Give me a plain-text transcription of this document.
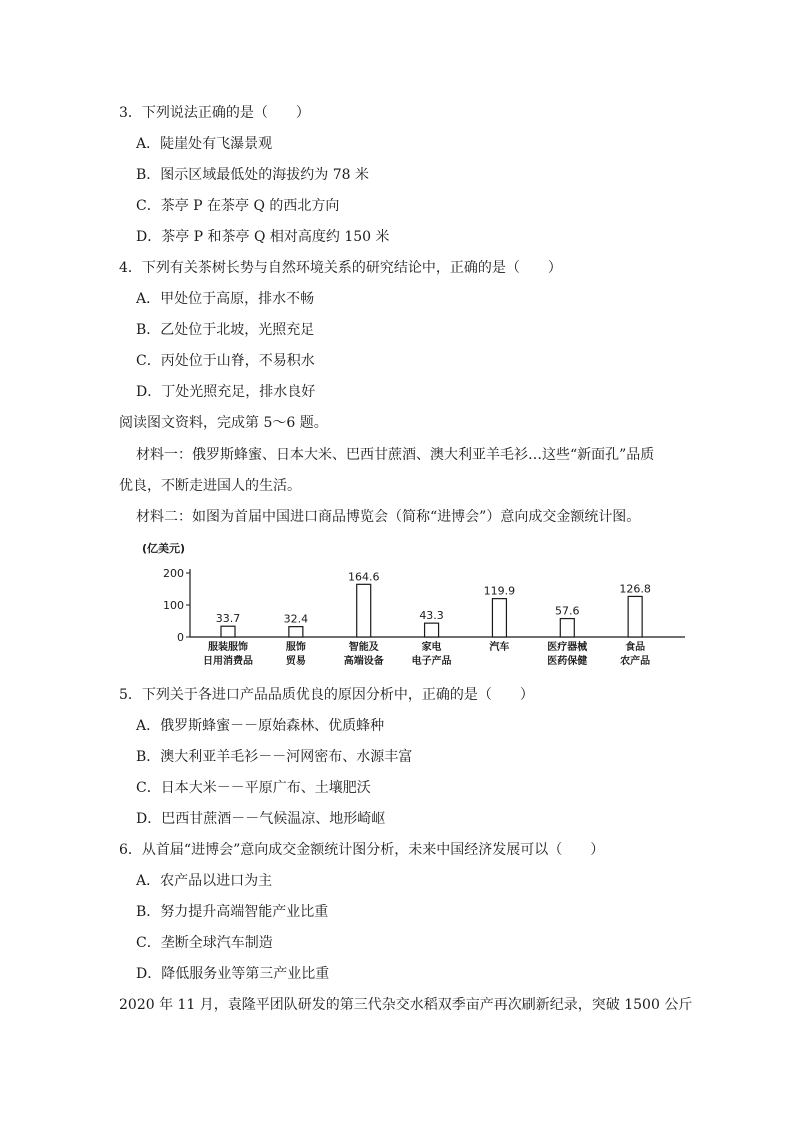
3．下列说法正确的是（　　）
A．陡崖处有飞瀑景观
B．图示区域最低处的海拔约为 78 米
C．茶亭 P 在茶亭 Q 的西北方向
D．茶亭 P 和茶亭 Q 相对高度约 150 米
4．下列有关茶树长势与自然环境关系的研究结论中，正确的是（　　）
A．甲处位于高原，排水不畅
B．乙处位于北坡，光照充足
C．丙处位于山脊，不易积水
D．丁处光照充足，排水良好
阅读图文资料，完成第 5～6 题。
材料一：俄罗斯蜂蜜、日本大米、巴西甘蔗酒、澳大利亚羊毛衫…这些“新面孔”品质
优良，不断走进国人的生活。
材料二：如图为首届中国进口商品博览会（简称“进博会”）意向成交金额统计图。
(亿美元)
200
100
0
33.7
服装服饰
日用消费品
32.4
服饰
贸易
164.6
智能及
高端设备
43.3
家电
电子产品
119.9
汽车
57.6
医疗器械
医药保健
126.8
食品
农产品
5．下列关于各进口产品品质优良的原因分析中，正确的是（　　）
A．俄罗斯蜂蜜－－原始森林、优质蜂种
B．澳大利亚羊毛衫－－河网密布、水源丰富
C．日本大米－－平原广布、土壤肥沃
D．巴西甘蔗酒－－气候温凉、地形崎岖
6．从首届“进博会”意向成交金额统计图分析，未来中国经济发展可以（　　）
A．农产品以进口为主
B．努力提升高端智能产业比重
C．垄断全球汽车制造
D．降低服务业等第三产业比重
2020 年 11 月，袁隆平团队研发的第三代杂交水稻双季亩产再次刷新纪录，突破 1500 公斤
